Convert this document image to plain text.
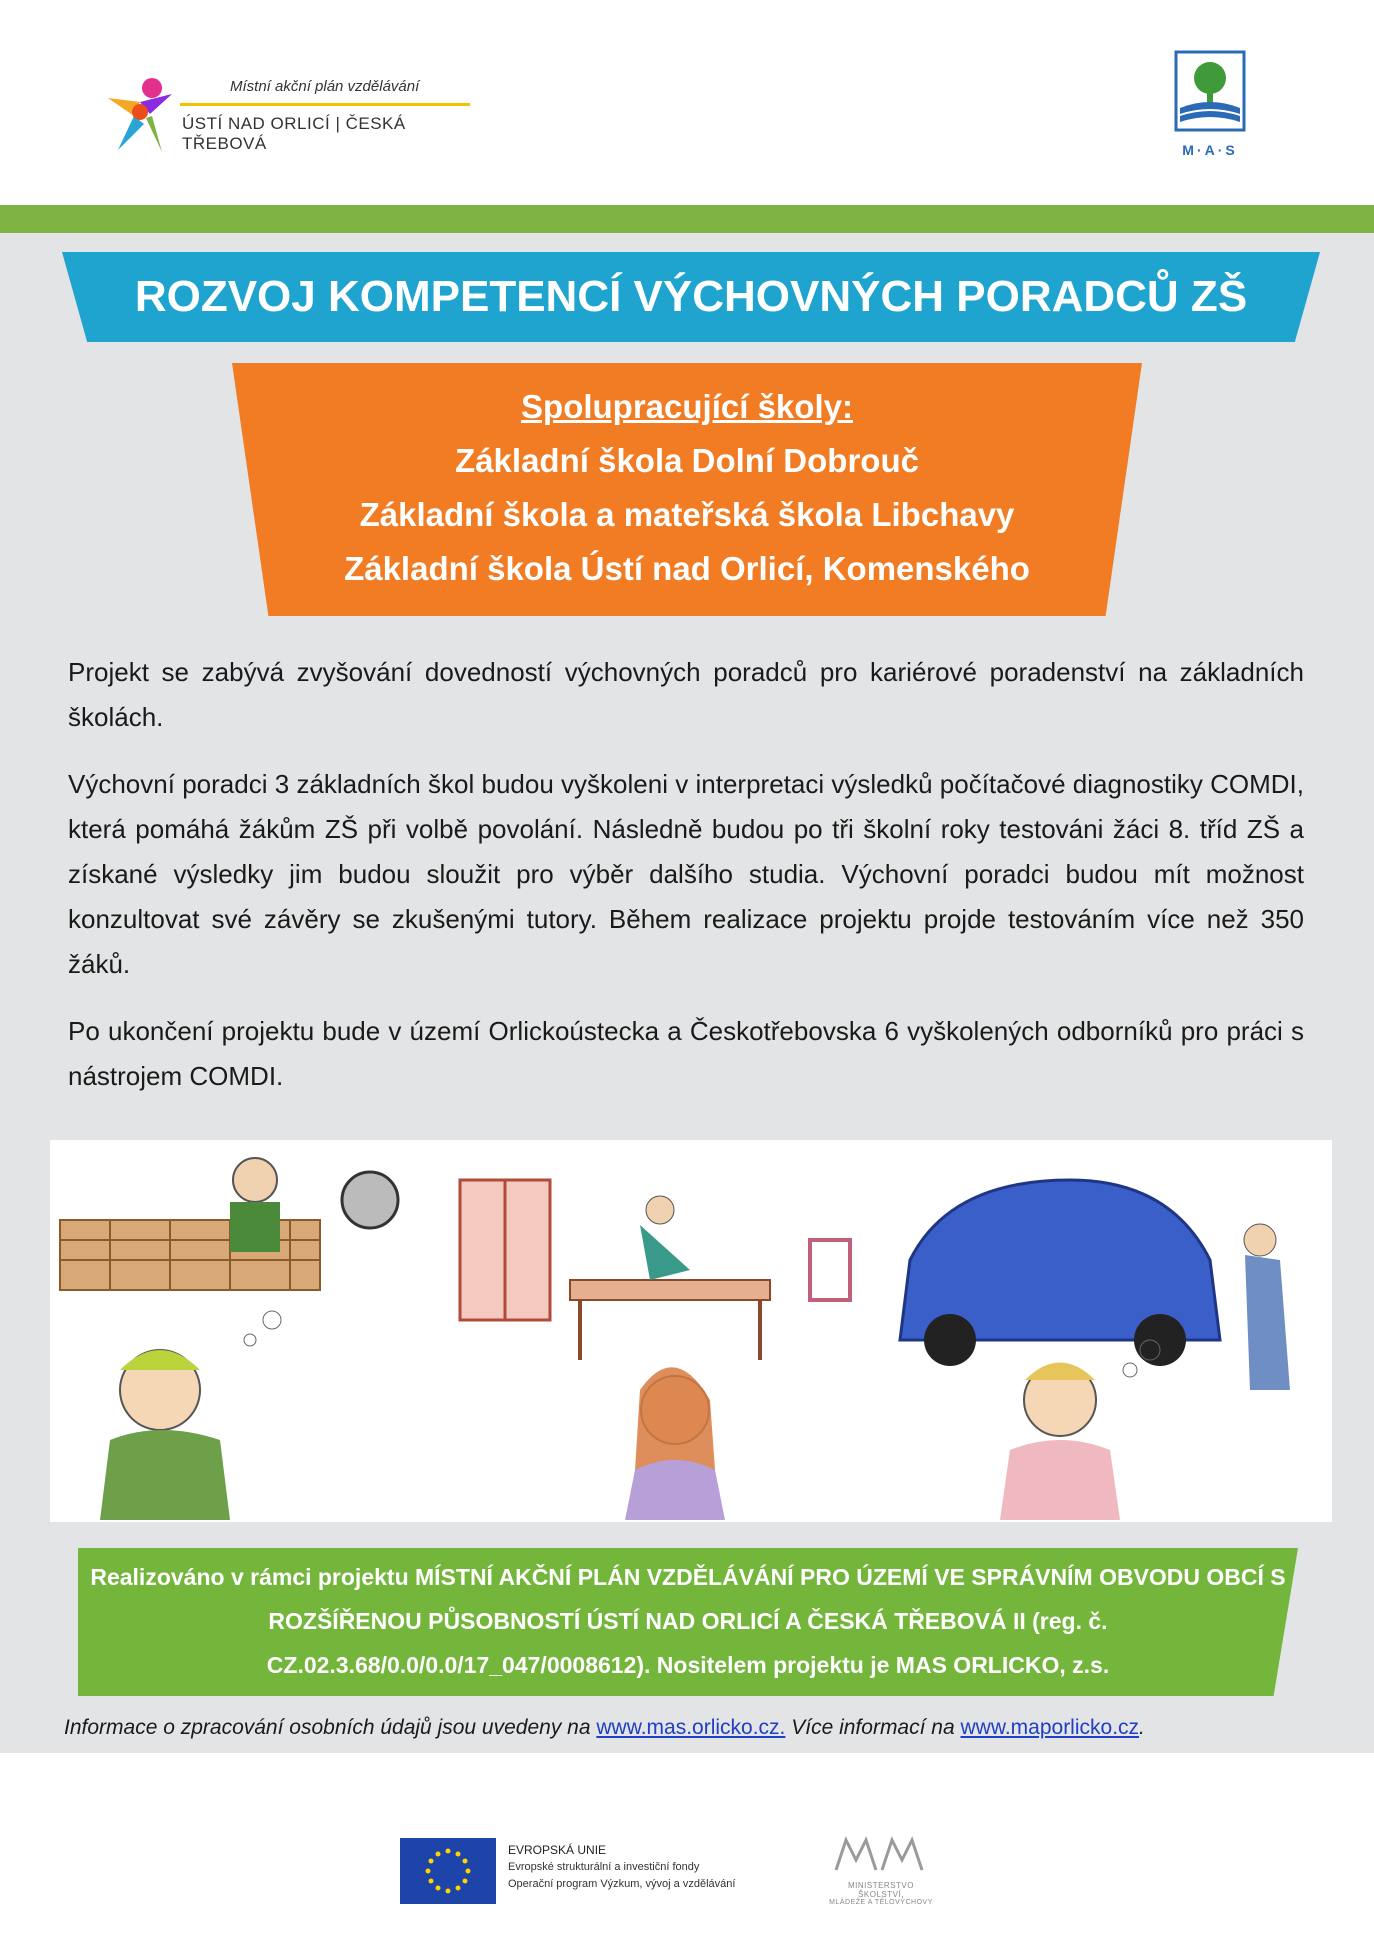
Místní akční plán vzdělávání
ÚSTÍ NAD ORLICÍ | ČESKÁ TŘEBOVÁ	M·A·S
ROZVOJ KOMPETENCÍ VÝCHOVNÝCH PORADCŮ ZŠ
Spolupracující školy:
Základní škola Dolní Dobrouč
Základní škola a mateřská škola Libchavy
Základní škola Ústí nad Orlicí, Komenského

Projekt se zabývá zvyšování dovedností výchovných poradců pro kariérové poradenství na základních školách.

Výchovní poradci 3 základních škol budou vyškoleni v interpretaci výsledků počítačové diagnostiky COMDI, která pomáhá žákům ZŠ při volbě povolání. Následně budou po tři školní roky testováni žáci 8. tříd ZŠ a získané výsledky jim budou sloužit pro výběr dalšího studia. Výchovní poradci budou mít možnost konzultovat své závěry se zkušenými tutory. Během realizace projektu projde testováním více než 350 žáků.

Po ukončení projektu bude v území Orlickoústecka a Českotřebovska 6 vyškolených odborníků pro práci s nástrojem COMDI.

Realizováno v rámci projektu MÍSTNÍ AKČNÍ PLÁN VZDĚLÁVÁNÍ PRO ÚZEMÍ VE SPRÁVNÍM OBVODU OBCÍ S ROZŠÍŘENOU PŮSOBNOSTÍ ÚSTÍ NAD ORLICÍ A ČESKÁ TŘEBOVÁ II (reg. č. CZ.02.3.68/0.0/0.0/17_047/0008612). Nositelem projektu je MAS ORLICKO, z.s.
Informace o zpracování osobních údajů jsou uvedeny na www.mas.orlicko.cz. Více informací na www.maporlicko.cz.
EVROPSKÁ UNIE
Evropské strukturální a investiční fondy
Operační program Výzkum, vývoj a vzdělávání	MINISTERSTVO ŠKOLSTVÍ,
MLÁDEŽE A TĚLOVÝCHOVY
